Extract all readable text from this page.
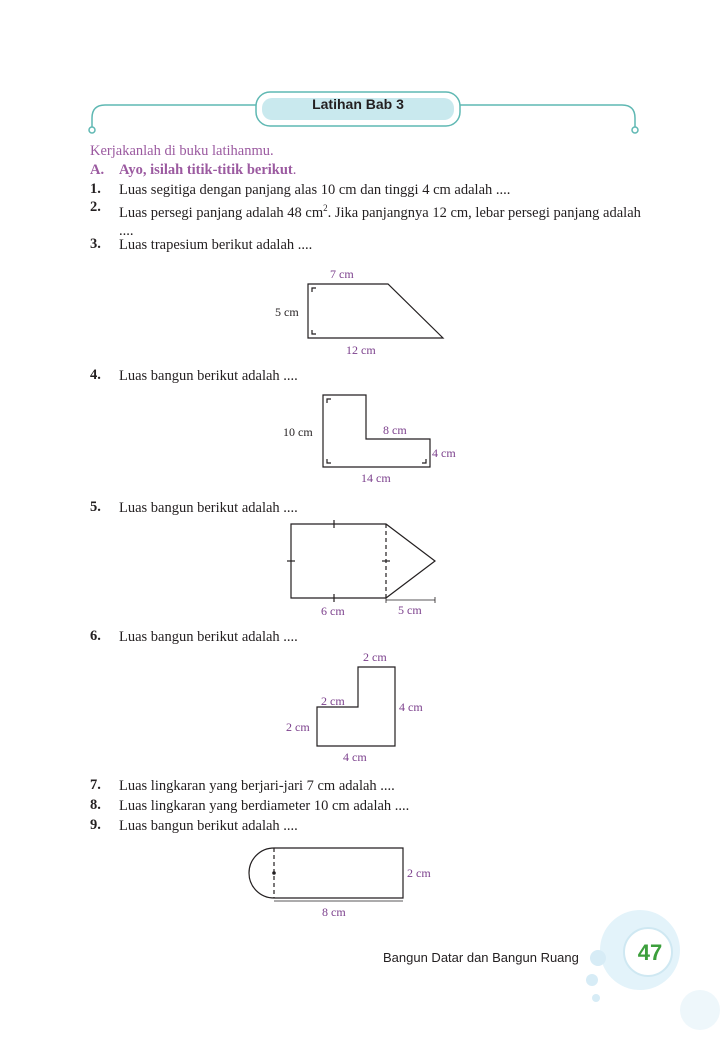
Latihan Bab 3
Kerjakanlah di buku latihanmu.
A. Ayo, isilah titik-titik berikut.
1. Luas segitiga dengan panjang alas 10 cm dan tinggi 4 cm adalah ....
2. Luas persegi panjang adalah 48 $cm^2$. Jika panjangnya 12 cm, lebar persegi panjang adalah ....
3. Luas trapesium berikut adalah ....
4. Luas bangun berikut adalah ....
5. Luas bangun berikut adalah ....
6. Luas bangun berikut adalah ....
7. Luas lingkaran yang berjari-jari 7 cm adalah ....
8. Luas lingkaran yang berdiameter 10 cm adalah ....
9. Luas bangun berikut adalah ....
7 cm
5 cm
12 cm
10 cm	8 cm
4 cm
14 cm
6 cm	5 cm
2 cm
2 cm	4 cm
2 cm
4 cm
2 cm
8 cm
Bangun Datar dan Bangun Ruang	47
